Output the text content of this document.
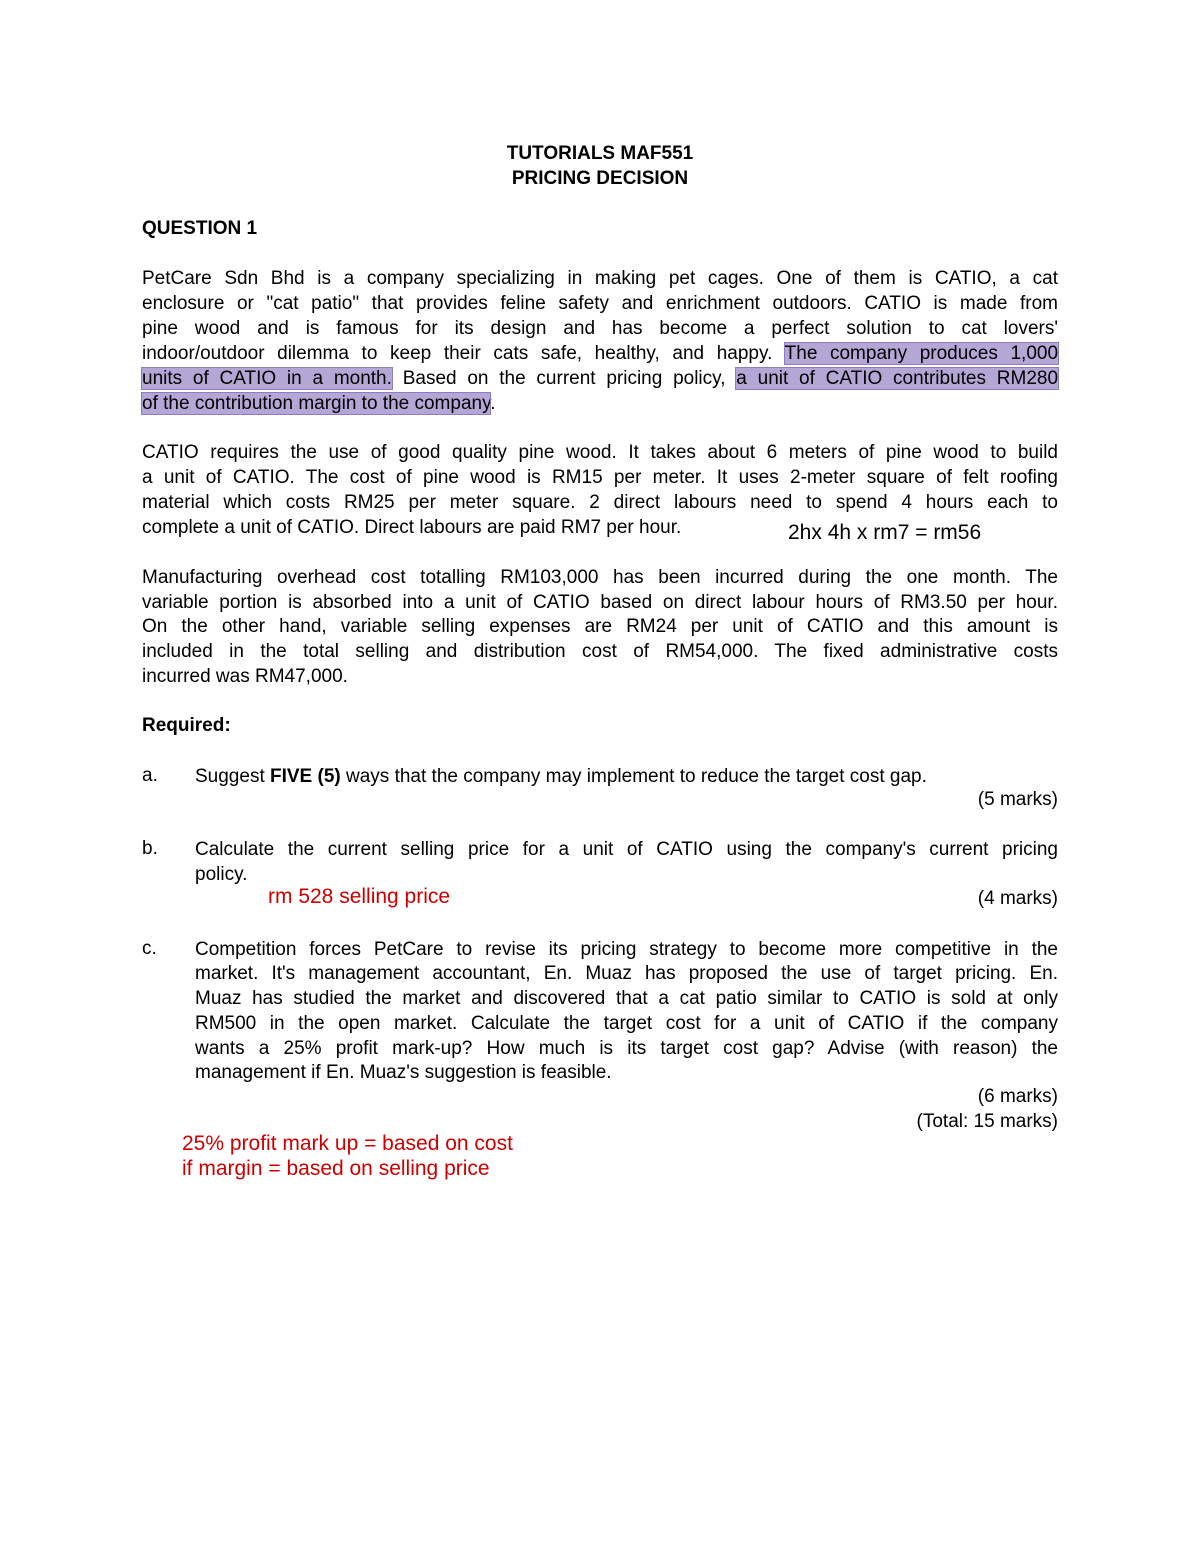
TUTORIALS MAF551
PRICING DECISION
QUESTION 1
PetCare Sdn Bhd is a company specializing in making pet cages. One of them is CATIO, a cat
enclosure or "cat patio" that provides feline safety and enrichment outdoors. CATIO is made from
pine wood and is famous for its design and has become a perfect solution to cat lovers'
indoor/outdoor dilemma to keep their cats safe, healthy, and happy. The company produces 1,000
units of CATIO in a month. Based on the current pricing policy, a unit of CATIO contributes RM280
of the contribution margin to the company.
CATIO requires the use of good quality pine wood. It takes about 6 meters of pine wood to build
a unit of CATIO. The cost of pine wood is RM15 per meter. It uses 2-meter square of felt roofing
material which costs RM25 per meter square. 2 direct labours need to spend 4 hours each to
complete a unit of CATIO. Direct labours are paid RM7 per hour.	2hx 4h x rm7 = rm56
Manufacturing overhead cost totalling RM103,000 has been incurred during the one month. The
variable portion is absorbed into a unit of CATIO based on direct labour hours of RM3.50 per hour.
On the other hand, variable selling expenses are RM24 per unit of CATIO and this amount is
included in the total selling and distribution cost of RM54,000. The fixed administrative costs
incurred was RM47,000.
Required:
a. Suggest FIVE (5) ways that the company may implement to reduce the target cost gap.
(5 marks)
b. Calculate the current selling price for a unit of CATIO using the company's current pricing
policy.
rm 528 selling price	(4 marks)
c. Competition forces PetCare to revise its pricing strategy to become more competitive in the
market. It's management accountant, En. Muaz has proposed the use of target pricing. En.
Muaz has studied the market and discovered that a cat patio similar to CATIO is sold at only
RM500 in the open market. Calculate the target cost for a unit of CATIO if the company
wants a 25% profit mark-up? How much is its target cost gap? Advise (with reason) the
management if En. Muaz's suggestion is feasible.
(6 marks)
(Total: 15 marks)
25% profit mark up = based on cost
if margin = based on selling price
